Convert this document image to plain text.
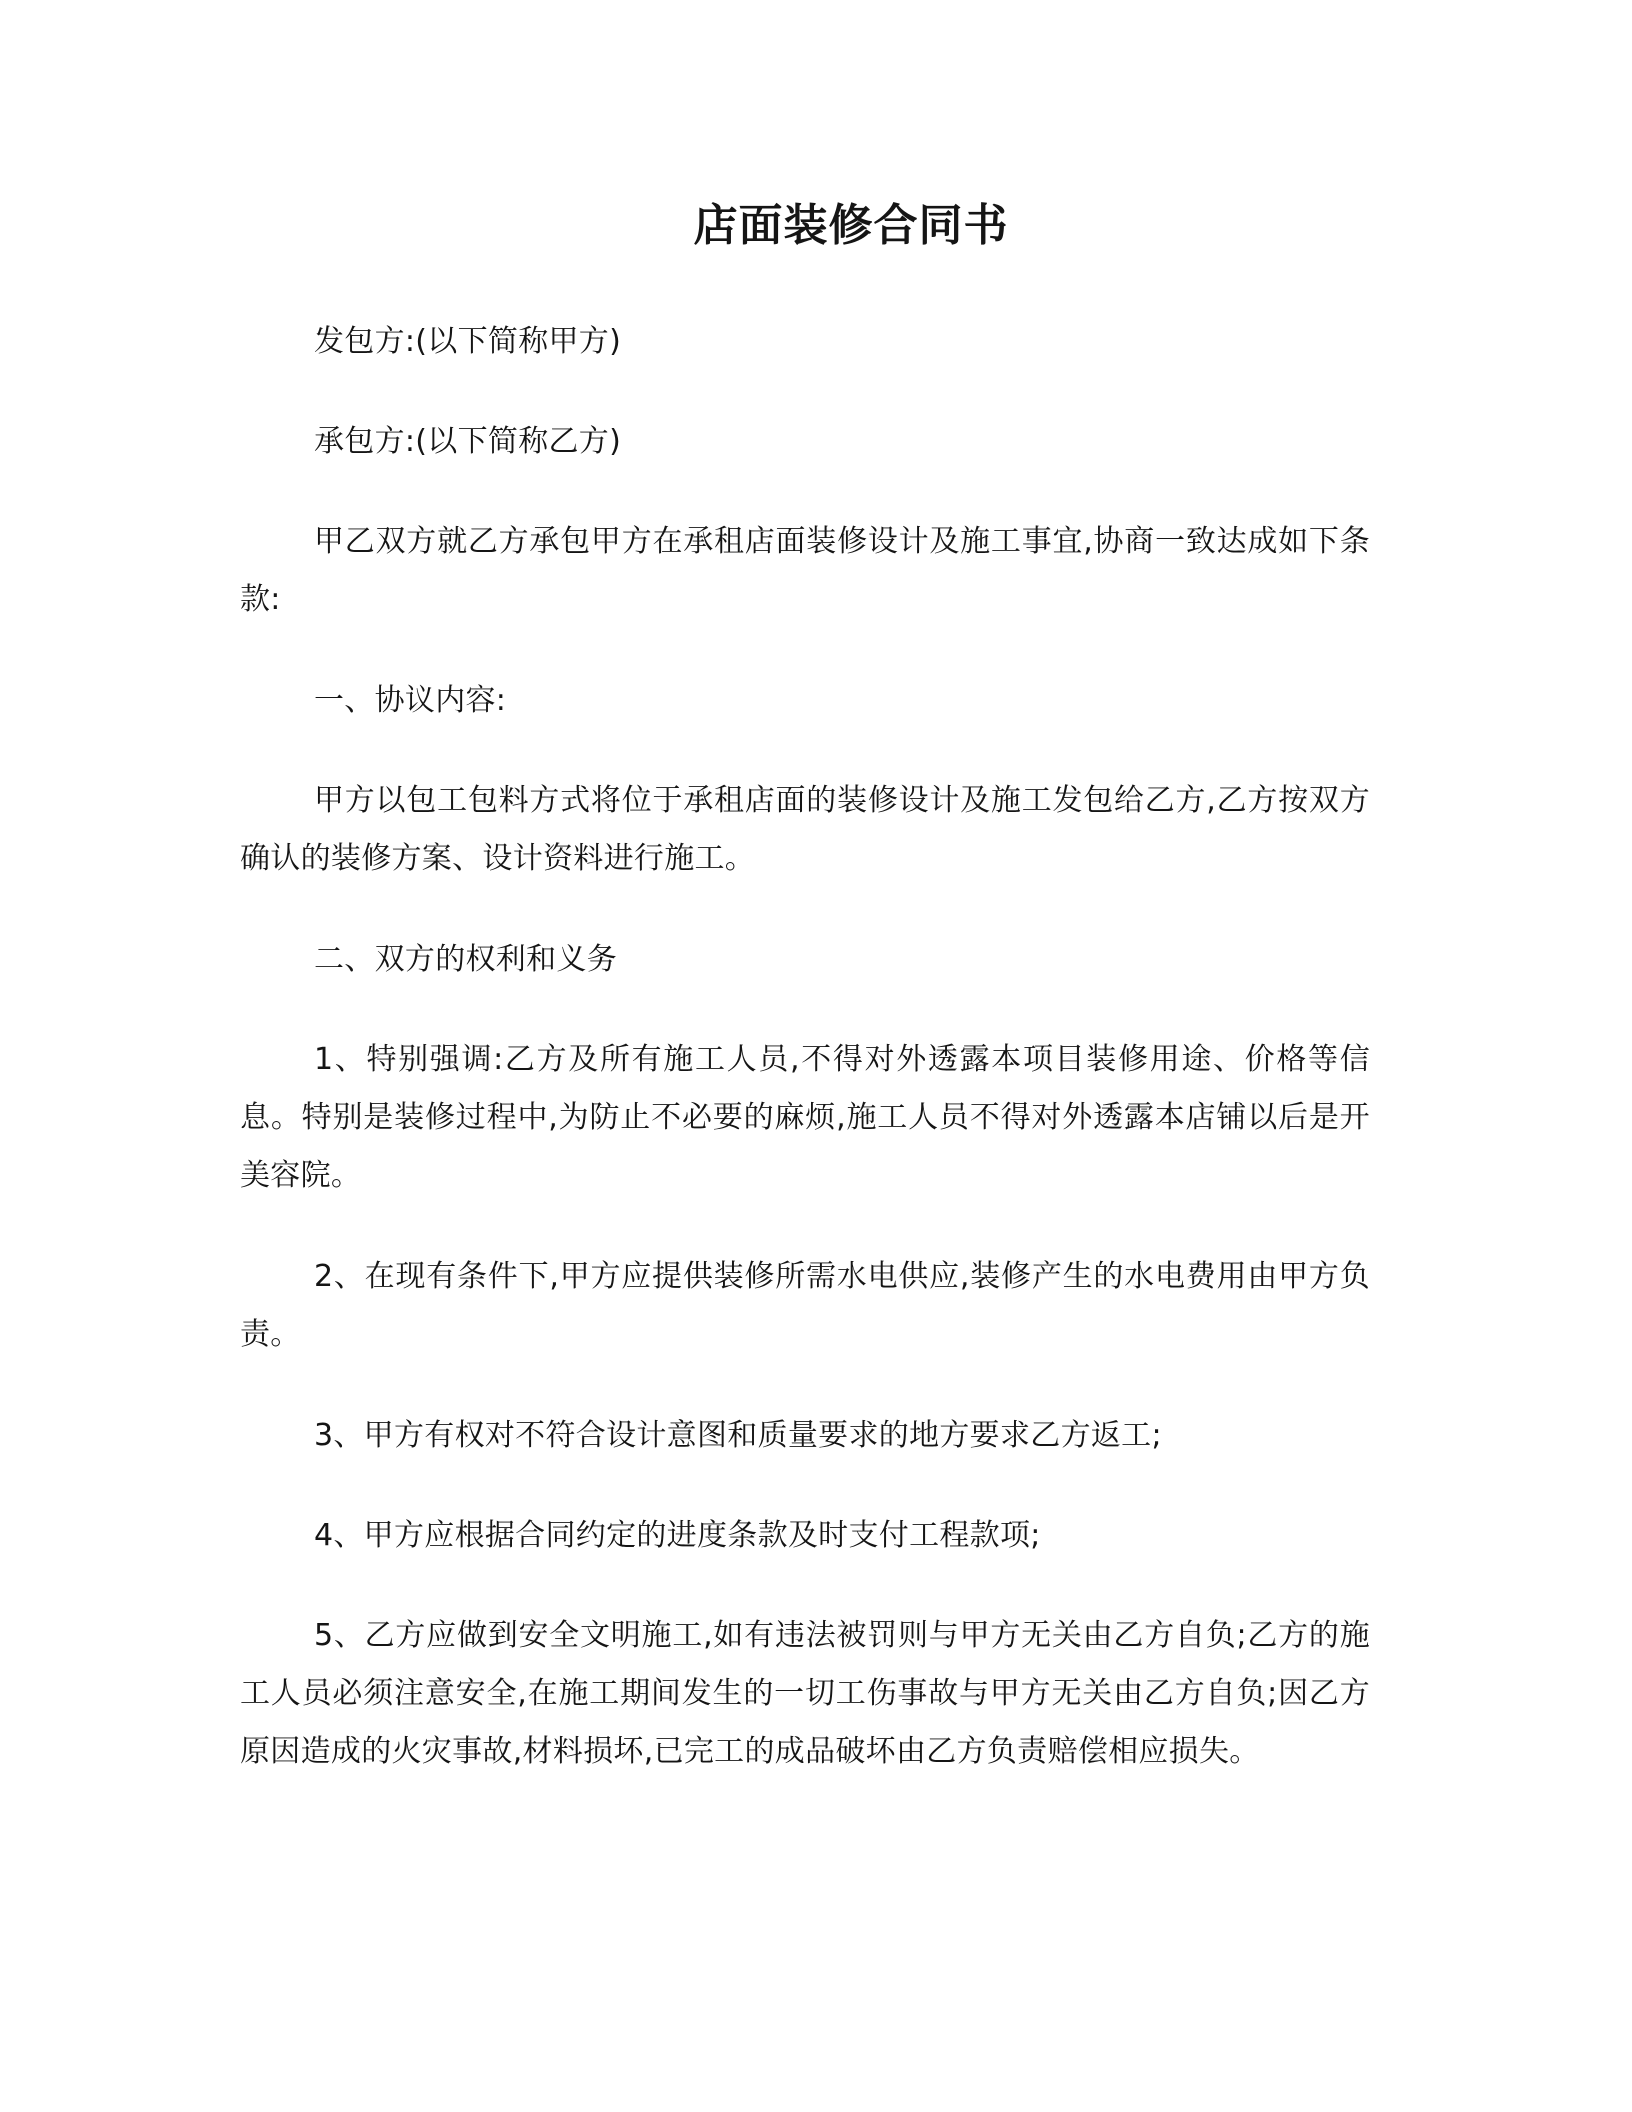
店面装修合同书

发包方:(以下简称甲方)

承包方:(以下简称乙方)

甲乙双方就乙方承包甲方在承租店面装修设计及施工事宜,协商一致达成如下条款:

一、协议内容:

甲方以包工包料方式将位于承租店面的装修设计及施工发包给乙方,乙方按双方确认的装修方案、设计资料进行施工。

二、双方的权利和义务

1、特别强调:乙方及所有施工人员,不得对外透露本项目装修用途、价格等信息。特别是装修过程中,为防止不必要的麻烦,施工人员不得对外透露本店铺以后是开美容院。

2、在现有条件下,甲方应提供装修所需水电供应,装修产生的水电费用由甲方负责。

3、甲方有权对不符合设计意图和质量要求的地方要求乙方返工;

4、甲方应根据合同约定的进度条款及时支付工程款项;

5、乙方应做到安全文明施工,如有违法被罚则与甲方无关由乙方自负;乙方的施工人员必须注意安全,在施工期间发生的一切工伤事故与甲方无关由乙方自负;因乙方原因造成的火灾事故,材料损坏,已完工的成品破坏由乙方负责赔偿相应损失。
